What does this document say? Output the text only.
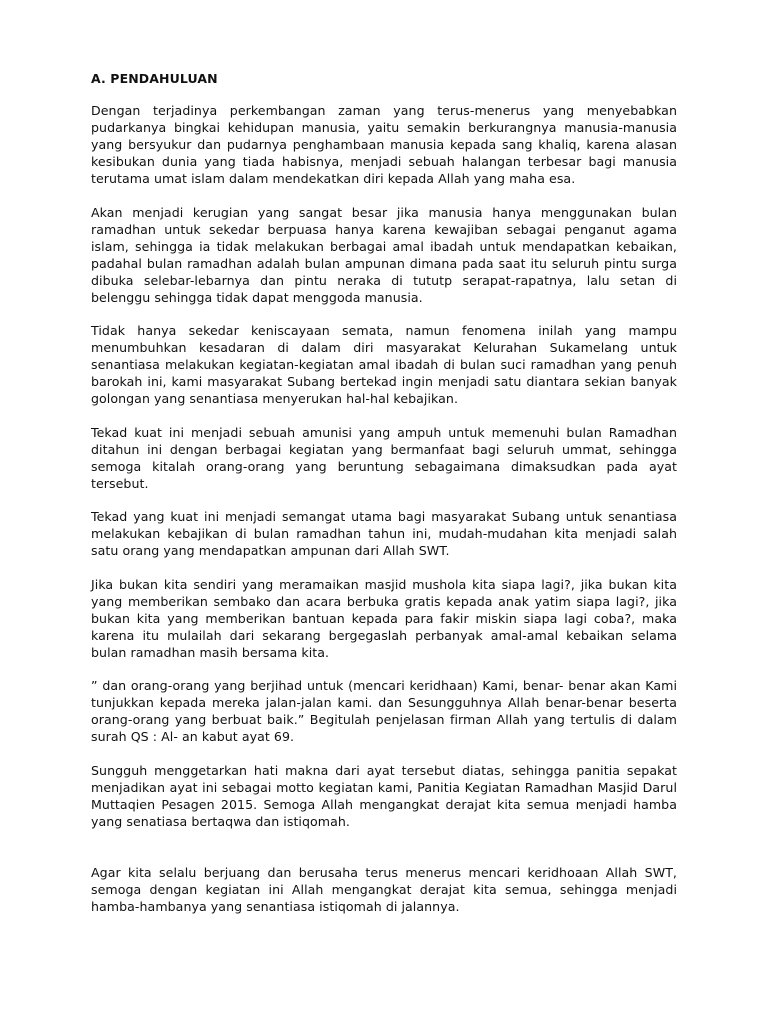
A. PENDAHULUAN

Dengan terjadinya perkembangan zaman yang terus-menerus yang menyebabkan pudarkanya bingkai kehidupan manusia, yaitu semakin berkurangnya manusia-manusia yang bersyukur dan pudarnya penghambaan manusia kepada sang khaliq, karena alasan kesibukan dunia yang tiada habisnya, menjadi sebuah halangan terbesar bagi manusia terutama umat islam dalam mendekatkan diri kepada Allah yang maha esa.

Akan menjadi kerugian yang sangat besar jika manusia hanya menggunakan bulan ramadhan untuk sekedar berpuasa hanya karena kewajiban sebagai penganut agama islam, sehingga ia tidak melakukan berbagai amal ibadah untuk mendapatkan kebaikan, padahal bulan ramadhan adalah bulan ampunan dimana pada saat itu seluruh pintu surga dibuka selebar-lebarnya dan pintu neraka di tututp serapat-rapatnya, lalu setan di belenggu sehingga tidak dapat menggoda manusia.

Tidak hanya sekedar keniscayaan semata, namun fenomena inilah yang mampu menumbuhkan kesadaran di dalam diri masyarakat Kelurahan Sukamelang untuk senantiasa melakukan kegiatan-kegiatan amal ibadah di bulan suci ramadhan yang penuh barokah ini, kami masyarakat Subang bertekad ingin menjadi satu diantara sekian banyak golongan yang senantiasa menyerukan hal-hal kebajikan.

Tekad kuat ini menjadi sebuah amunisi yang ampuh untuk memenuhi bulan Ramadhan ditahun ini dengan berbagai kegiatan yang bermanfaat bagi seluruh ummat, sehingga semoga kitalah orang-orang yang beruntung sebagaimana dimaksudkan pada ayat tersebut.

Tekad yang kuat ini menjadi semangat utama bagi masyarakat Subang untuk senantiasa melakukan kebajikan di bulan ramadhan tahun ini, mudah-mudahan kita menjadi salah satu orang yang mendapatkan ampunan dari Allah SWT.

Jika bukan kita sendiri yang meramaikan masjid mushola kita siapa lagi?, jika bukan kita yang memberikan sembako dan acara berbuka gratis kepada anak yatim siapa lagi?, jika bukan kita yang memberikan bantuan kepada para fakir miskin siapa lagi coba?, maka karena itu mulailah dari sekarang bergegaslah perbanyak amal-amal kebaikan selama bulan ramadhan masih bersama kita.

” dan orang-orang yang berjihad untuk (mencari keridhaan) Kami, benar- benar akan Kami tunjukkan kepada mereka jalan-jalan kami. dan Sesungguhnya Allah benar-benar beserta orang-orang yang berbuat baik.” Begitulah penjelasan firman Allah yang tertulis di dalam surah QS : Al- an kabut ayat 69.

Sungguh menggetarkan hati makna dari ayat tersebut diatas, sehingga panitia sepakat menjadikan ayat ini sebagai motto kegiatan kami, Panitia Kegiatan Ramadhan Masjid Darul Muttaqien Pesagen 2015. Semoga Allah mengangkat derajat kita semua menjadi hamba yang senatiasa bertaqwa dan istiqomah.

Agar kita selalu berjuang dan berusaha terus menerus mencari keridhoaan Allah SWT, semoga dengan kegiatan ini Allah mengangkat derajat kita semua, sehingga menjadi hamba-hambanya yang senantiasa istiqomah di jalannya.
